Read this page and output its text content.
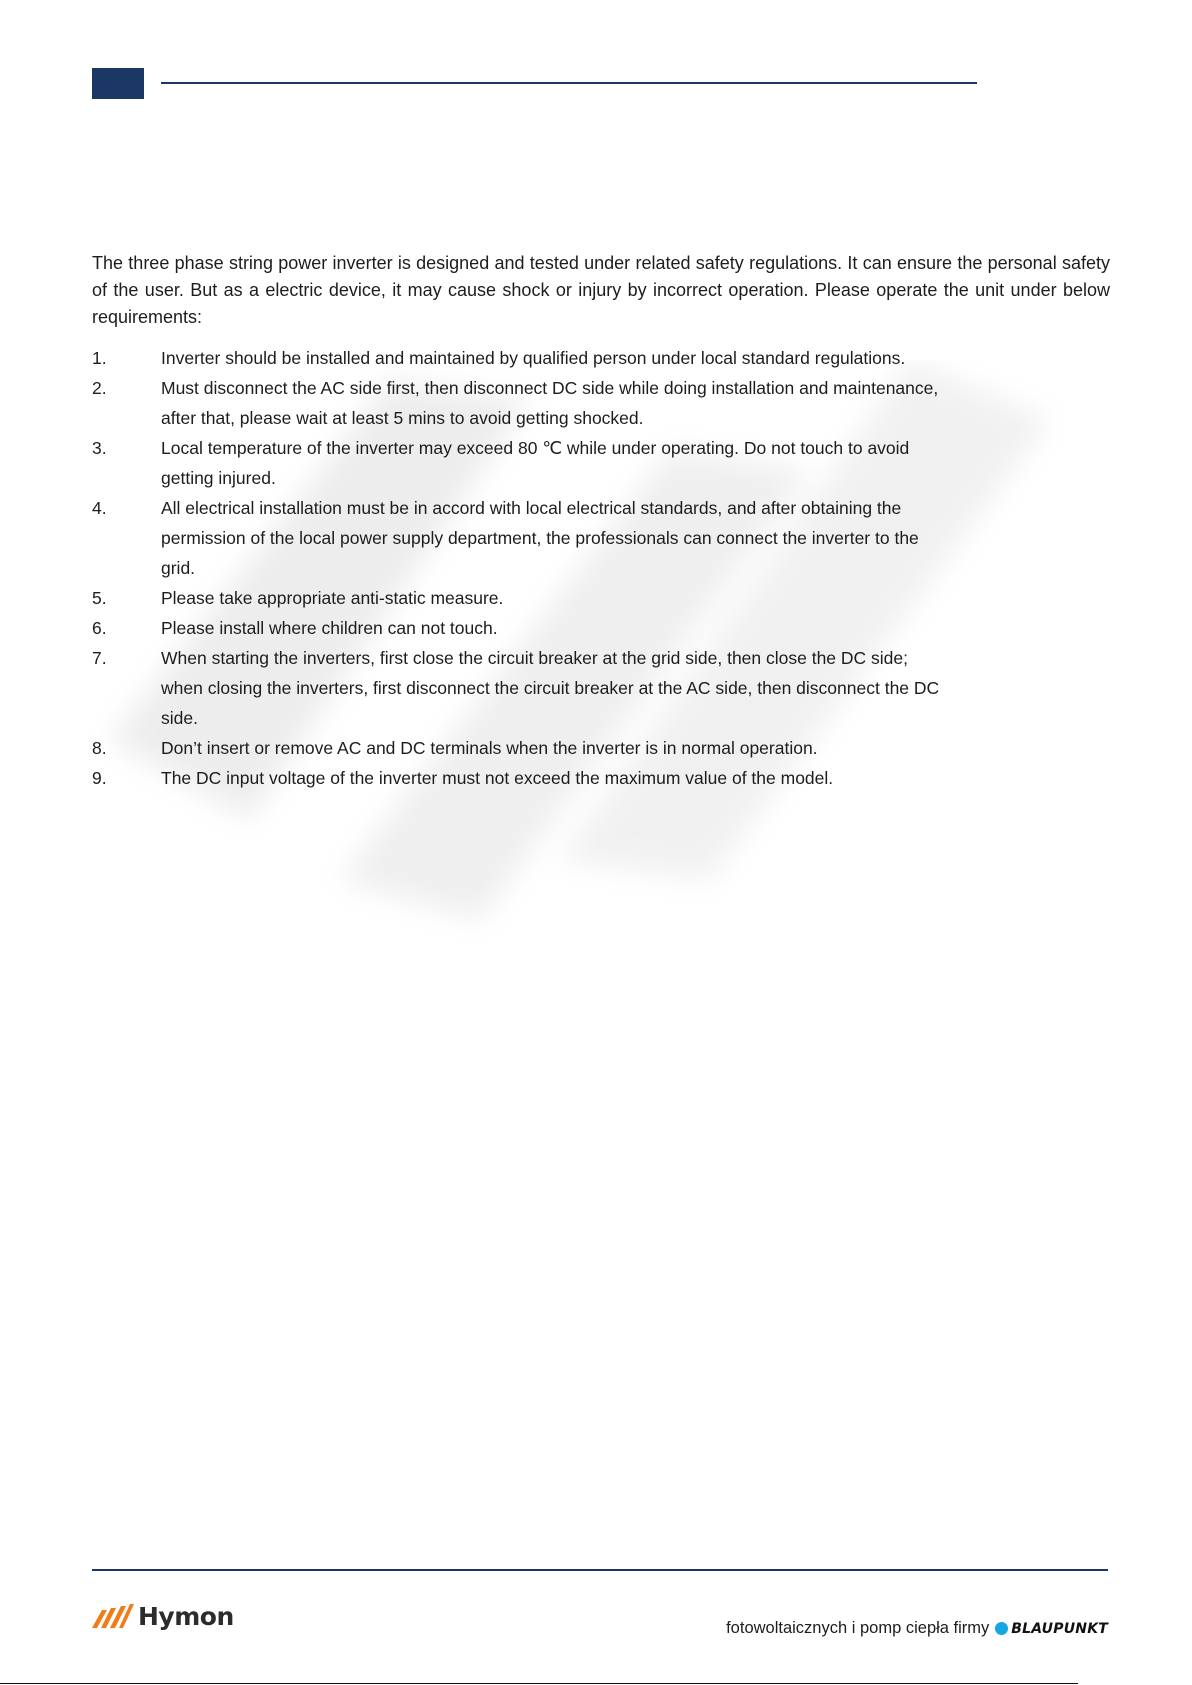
The three phase string power inverter is designed and tested under related safety regulations. It can ensure the personal safety of the user. But as a electric device, it may cause shock or injury by incorrect operation. Please operate the unit under below requirements:

1.	Inverter should be installed and maintained by qualified person under local standard regulations.
2.	Must disconnect the AC side first, then disconnect DC side while doing installation and maintenance, after that, please wait at least 5 mins to avoid getting shocked.
3.	Local temperature of the inverter may exceed 80 ℃ while under operating. Do not touch to avoid getting injured.
4.	All electrical installation must be in accord with local electrical standards, and after obtaining the permission of the local power supply department, the professionals can connect the inverter to the grid.
5.	Please take appropriate anti-static measure.
6.	Please install where children can not touch.
7.	When starting the inverters, first close the circuit breaker at the grid side, then close the DC side; when closing the inverters, first disconnect the circuit breaker at the AC side, then disconnect the DC side.
8.	Don’t insert or remove AC and DC terminals when the inverter is in normal operation.
9.	The DC input voltage of the inverter must not exceed the maximum value of the model.
Hymon	fotowoltaicznych i pomp ciepła firmy BLAUPUNKT
